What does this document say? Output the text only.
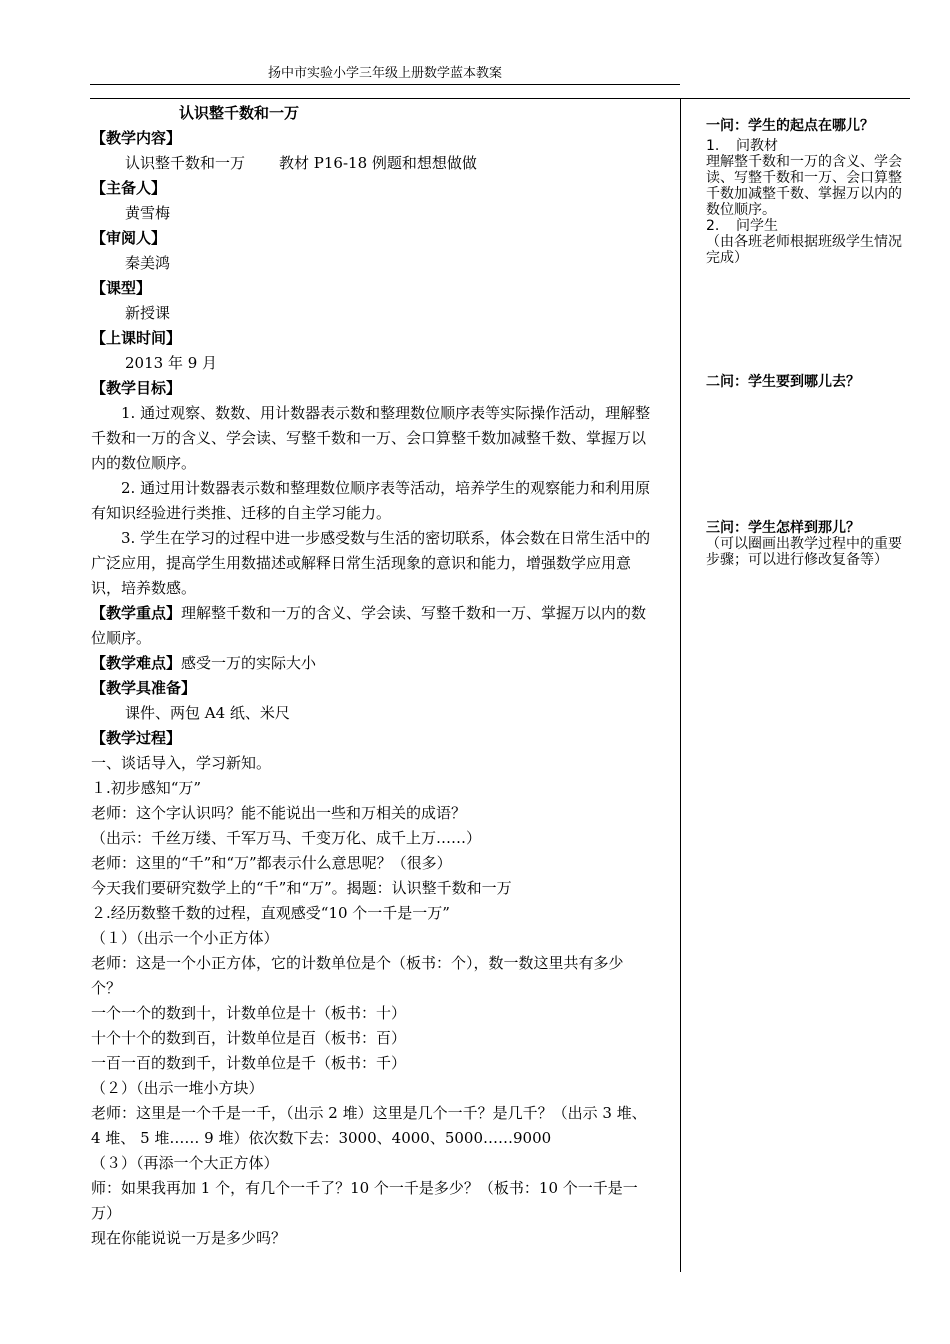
扬中市实验小学三年级上册数学蓝本教案

认识整千数和一万

【教学内容】

认识整千数和一万 教材 P16-18 例题和想想做做

【主备人】

黄雪梅

【审阅人】

秦美鸿

【课型】

新授课

【上课时间】

2013 年 9 月

【教学目标】

1. 通过观察、数数、用计数器表示数和整理数位顺序表等实际操作活动，理解整千数和一万的含义、学会读、写整千数和一万、会口算整千数加减整千数、掌握万以内的数位顺序。

2. 通过用计数器表示数和整理数位顺序表等活动，培养学生的观察能力和利用原有知识经验进行类推、迁移的自主学习能力。

3. 学生在学习的过程中进一步感受数与生活的密切联系，体会数在日常生活中的广泛应用，提高学生用数描述或解释日常生活现象的意识和能力，增强数学应用意识，培养数感。

【教学重点】理解整千数和一万的含义、学会读、写整千数和一万、掌握万以内的数位顺序。

【教学难点】感受一万的实际大小

【教学具准备】

课件、两包 A4 纸、米尺

【教学过程】

一、谈话导入，学习新知。

１.初步感知“万”

老师：这个字认识吗？能不能说出一些和万相关的成语？

（出示：千丝万缕、千军万马、千变万化、成千上万……）

老师：这里的“千”和“万”都表示什么意思呢？（很多）

今天我们要研究数学上的“千”和“万”。揭题：认识整千数和一万

２.经历数整千数的过程，直观感受“10 个一千是一万”

（１）（出示一个小正方体）

老师：这是一个小正方体，它的计数单位是个（板书：个），数一数这里共有多少个？

一个一个的数到十，计数单位是十（板书：十）

十个十个的数到百，计数单位是百（板书：百）

一百一百的数到千，计数单位是千（板书：千）

（２）（出示一堆小方块）

老师：这里是一个千是一千，（出示 2 堆）这里是几个一千？是几千？（出示 3 堆、 4 堆、 5 堆…… 9 堆）依次数下去：3000、4000、5000……9000

（３）（再添一个大正方体）

师：如果我再加 1 个，有几个一千了？10 个一千是多少？（板书：10 个一千是一万）

现在你能说说一万是多少吗？

一问：学生的起点在哪儿？

1. 问教材

理解整千数和一万的含义、学会读、写整千数和一万、会口算整千数加减整千数、掌握万以内的数位顺序。

2. 问学生

（由各班老师根据班级学生情况完成）

二问：学生要到哪儿去？

三问：学生怎样到那儿？

（可以圈画出教学过程中的重要步骤；可以进行修改复备等）
